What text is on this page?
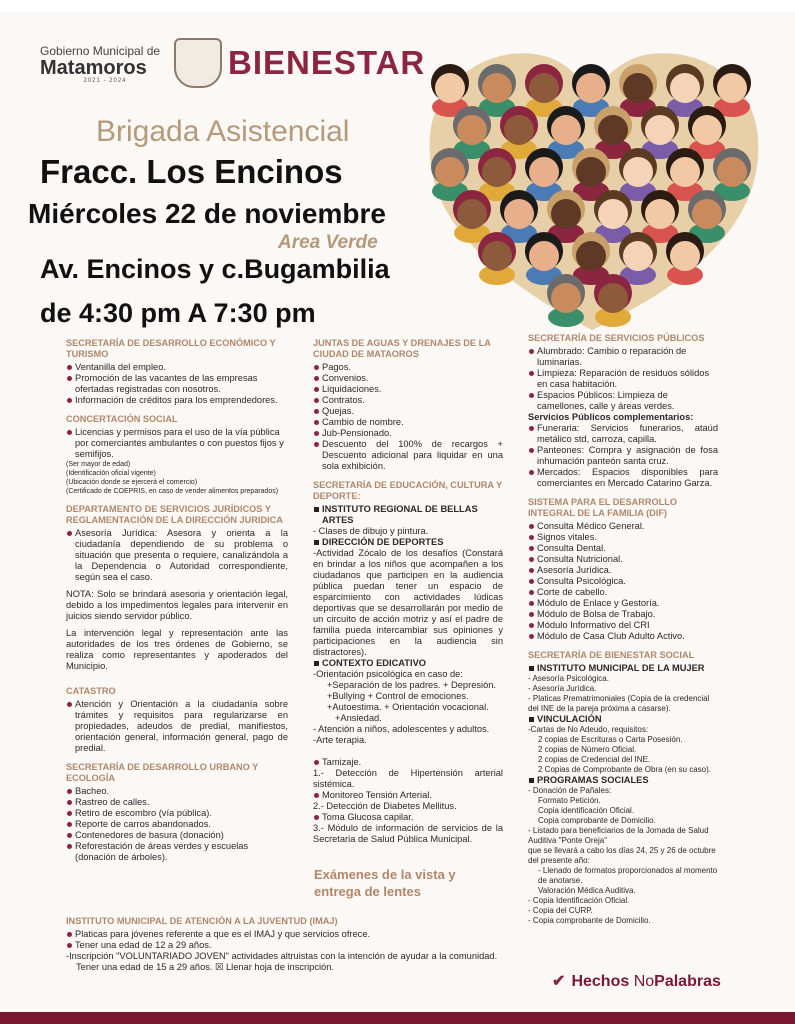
Gobierno Municipal de
Matamoros
2021 - 2024	BIENESTAR
Brigada Asistencial
Fracc. Los Encinos
Miércoles 22 de noviembre
Area Verde
Av. Encinos y c.Bugambilia
de 4:30 pm A 7:30 pm
SECRETARÍA DE DESARROLLO ECONÓMICO Y TURISMO
Ventanilla del empleo.
Promoción de las vacantes de las empresas ofertadas registradas con nosotros.
Información de créditos para los emprendedores.
CONCERTACIÓN SOCIAL
Licencias y permisos para el uso de la vía pública por comerciantes ambulantes o con puestos fijos y semifijos.
(Ser mayor de edad)
(Identificación oficial vigente)
(Ubicación donde se ejercerá el comercio)
(Certificado de COEPRIS, en caso de vender alimentos preparados)
DEPARTAMENTO DE SERVICIOS JURÍDICOS Y REGLAMENTACIÓN DE LA DIRECCIÓN JURIDICA
Asesoría Jurídica: Asesora y orienta a la ciudadanía dependiendo de su problema o situación que presenta o requiere, canalizándola a la Dependencia o Autoridad correspondiente, según sea el caso.
NOTA: Solo se brindará asesoria y orientación legal, debido a los impedimentos legales para intervenir en juicios siendo servidor público.
La intervención legal y representación ante las autoridades de los tres órdenes de Gobierno, se realiza como representantes y apoderados del Municipio.
CATASTRO
Atención y Orientación a la ciudadanía sobre trámites y requisitos para regularizarse en propiedades, adeudos de predial, manifiestos, orientación general, información general, pago de predial.
SECRETARÍA DE DESARROLLO URBANO Y ECOLOGÍA
Bacheo.
Rastreo de calles.
Retiro de escombro (vía pública).
Reporte de carros abandonados.
Contenedores de basura (donación)
Reforestación de áreas verdes y escuelas (donación de árboles).
INSTITUTO MUNICIPAL DE ATENCIÓN A LA JUVENTUD (IMAJ)
Platicas para jóvenes referente a que es el IMAJ y que servicios ofrece.
Tener una edad de 12 a 29 años.
-Inscripción "VOLUNTARIADO JOVEN" actividades altruistas con la intención de ayudar a la comunidad.
Tener una edad de 15 a 29 años. ☒ Llenar hoja de inscripción.
JUNTAS DE AGUAS Y DRENAJES DE LA CIUDAD DE MATAOROS
Pagos.
Convenios.
Liquidaciones.
Contratos.
Quejas.
Cambio de nombre.
Jub-Pensionado.
Descuento del 100% de recargos + Descuento adicional para liquidar en una sola exhibición.
SECRETARÍA DE EDUCACIÓN, CULTURA Y DEPORTE:
INSTITUTO REGIONAL DE BELLAS ARTES
- Clases de dibujo y pintura.
DIRECCIÓN DE DEPORTES
-Actividad Zócalo de los desafíos (Constará en brindar a los niños que acompañen a los ciudadanos que participen en la audiencia pública puedan tener un espacio de esparcimiento con actividades lúdicas deportivas que se desarrollarán por medio de un circuito de acción motriz y así el padre de familia pueda intercambiar sus opiniones y participaciones en la audiencia sin distractores).
CONTEXTO EDICATIVO
-Orientación psicológica en caso de:
+Separación de los padres. + Depresión.
+Bullying + Control de emociones.
+Autoestima. + Orientación vocacional.
+Ansiedad.
- Atención a niños, adolescentes y adultos.
-Arte terapia.
Tamizaje.
1.- Detección de Hipertensión arterial sistémica.
Monitoreo Tensión Arterial.
2.- Detección de Diabetes Mellitus.
Toma Glucosa capilar.
3.- Módulo de información de servicios de la Secretaria de Salud Pública Municipal.
Exámenes de la vista y entrega de lentes
SECRETARÍA DE SERVICIOS PÚBLICOS
Alumbrado: Cambio o reparación de luminarias.
Limpieza: Reparación de residuos sólidos en casa habitación.
Espacios Públicos: Limpieza de camellones, calle y áreas verdes.
Servicios Públicos complementarios:
Funeraria: Servicios funerarios, ataúd metálico std, carroza, capilla.
Panteones: Compra y asignación de fosa inhumación panteón santa cruz.
Mercados: Espacios disponibles para comerciantes en Mercado Catarino Garza.
SISTEMA PARA EL DESARROLLO INTEGRAL DE LA FAMILIA (DIF)
Consulta Médico General.
Signos vitales.
Consulta Dental.
Consulta Nutricional.
Asesoría Jurídica.
Consulta Psicológica.
Corte de cabello.
Módulo de Enlace y Gestoría.
Módulo de Bolsa de Trabajo.
Módulo Informativo del CRI
Módulo de Casa Club Adulto Activo.
SECRETARÍA DE BIENESTAR SOCIAL
INSTITUTO MUNICIPAL DE LA MUJER
- Asesoría Psicológica.
- Asesoría Jurídica.
- Platicas Prematrimoniales (Copia de la credencial del INE de la pareja próxima a casarse).
VINCULACIÓN
-Cartas de No Adeudo, requisitos:
2 copias de Escrituras o Carta Posesión.
2 copias de Número Oficial.
2 copias de Credencial del INE.
2 Copias de Comprobante de Obra (en su caso).
PROGRAMAS SOCIALES
- Donación de Pañales:
Formato Petición.
Copia identificación Oficial.
Copia comprobante de Domicilio.
- Listado para beneficiarios de la Jornada de Salud Auditiva "Ponte Oreja"
que se llevará a cabo los días 24, 25 y 26 de octubre del presente año:
- Llenado de formatos proporcionados al momento de anotarse.
Valoración Médica Auditiva.
- Copia Identificación Oficial.
- Copia del CURP.
- Copia comprobante de Domicilio.
✔ Hechos NoPalabras
